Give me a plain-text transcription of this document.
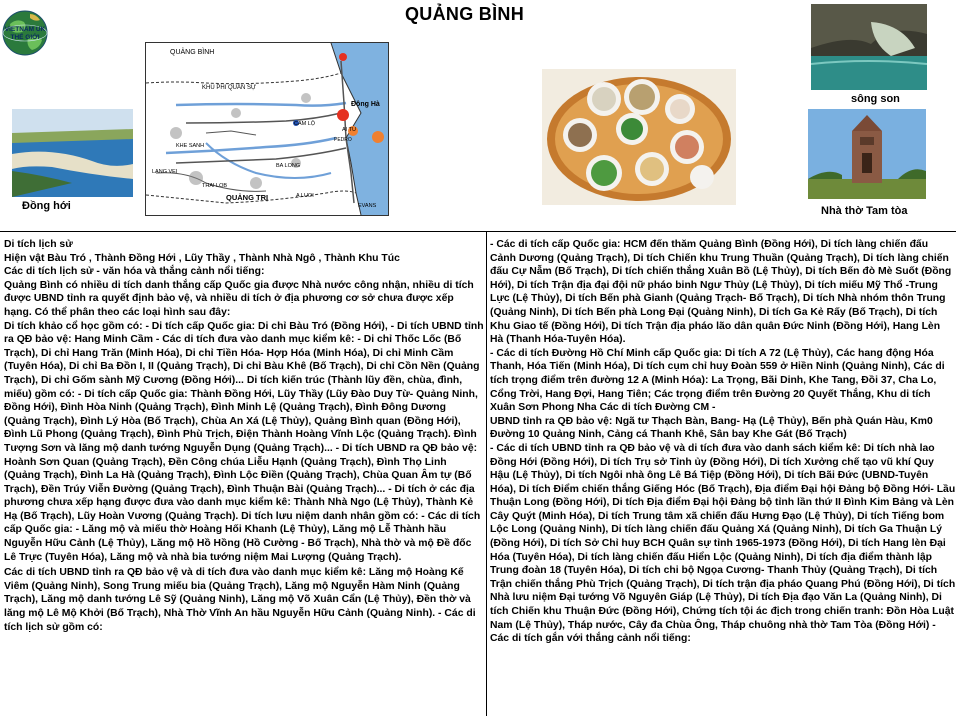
VIETNAM UK
THẾ GIỚI
QUẢNG BÌNH
QUẢNG BÌNH
KHU PHI QUÂN SỰ
Đông Hà
CAM LỘ
AI TU
PEDRO
KHE SANH
LANG VEI
THAI LOB
BA LONG
QUẢNG TRỊ	A LUOI
EVANS
Đồng hới
sông son
Nhà thờ Tam tòa

Di tích lịch sử

Hiện vật Bàu Tró , Thành Đồng Hới , Lũy Thầy , Thành Nhà Ngô , Thành Khu Túc

Các di tích lịch sử - văn hóa và thắng cảnh nổi tiếng:

Quảng Bình có nhiều di tích danh thắng cấp Quốc gia được Nhà nước công nhận, nhiều di tích được UBND tỉnh ra quyết định bảo vệ, và nhiều di tích ở địa phương cơ sở chưa được xếp hạng. Có thể phân theo các loại hình sau đây:

Di tích khảo cổ học gồm có: - Di tích cấp Quốc gia: Di chỉ Bàu Tró (Đồng Hới), - Di tích UBND tỉnh ra QĐ bảo vệ: Hang Minh Cầm - Các di tích đưa vào danh mục kiểm kê: - Di chỉ Thốc Lốc (Bố Trạch), Di chỉ Hang Trăn (Minh Hóa), Di chỉ Tiền Hóa- Hợp Hóa (Minh Hóa), Di chỉ Minh Cầm (Tuyên Hóa), Di chỉ Ba Đồn I, II (Quảng Trạch), Di chỉ Bàu Khê (Bố Trạch), Di chỉ Cồn Nền (Quảng Trạch), Di chỉ Gốm sành Mỹ Cương (Đồng Hới)... Di tích kiến trúc (Thành lũy đền, chùa, đình, miếu) gồm có: - Di tích cấp Quốc gia: Thành Đồng Hới, Lũy Thầy (Lũy Đào Duy Từ- Quảng Ninh, Đồng Hới), Đình Hòa Ninh (Quảng Trạch), Đình Minh Lệ (Quảng Trạch), Đình Đông Dương (Quảng Trạch), Đình Lý Hòa (Bố Trạch), Chùa An Xá (Lệ Thủy), Quảng Bình quan (Đồng Hới), Đình Lũ Phong (Quảng Trạch), Đình Phù Trịch, Điện Thành Hoàng Vĩnh Lộc (Quảng Trạch). Đình Tượng Sơn và lăng mộ danh tướng Nguyễn Dụng (Quảng Trạch)... - Di tích UBND ra QĐ bảo vệ: Hoành Sơn Quan (Quảng Trạch), Đền Công chúa Liễu Hạnh (Quảng Trạch), Đình Thọ Linh (Quảng Trạch), Đình La Hà (Quảng Trạch), Đình Lộc Điền (Quảng Trạch), Chùa Quan Âm tự (Bố Trạch), Đền Trúy Viễn Đường (Quảng Trạch), Đình Thuận Bài (Quảng Trạch)... - Di tích ở các địa phương chưa xếp hạng được đưa vào danh mục kiểm kê: Thành Nhà Ngo (Lệ Thủy), Thành Kẻ Hạ (Bố Trạch), Lũy Hoàn Vương (Quảng Trạch). Di tích lưu niệm danh nhân gồm có: - Các di tích cấp Quốc gia: - Lăng mộ và miếu thờ Hoàng Hối Khanh (Lệ Thủy), Lăng mộ Lễ Thành hầu Nguyễn Hữu Cảnh (Lệ Thủy), Lăng mộ Hồ Hồng (Hồ Cường - Bố Trạch), Nhà thờ và mộ Đề đốc Lê Trực (Tuyên Hóa), Lăng mộ và nhà bia tướng niệm Mai Lượng (Quảng Trạch).

Các di tích UBND tỉnh ra QĐ bảo vệ và di tích đưa vào danh mục kiểm kê: Lăng mộ Hoàng Kế Viêm (Quảng Ninh), Song Trung miếu bia (Quảng Trạch), Lăng mộ Nguyễn Hàm Ninh (Quảng Trạch), Lăng mộ danh tướng Lê Sỹ (Quảng Ninh), Lăng mộ Võ Xuân Cẩn (Lệ Thủy), Đền thờ và lăng mộ Lê Mộ Khởi (Bố Trạch), Nhà Thờ Vĩnh An hầu Nguyễn Hữu Cảnh (Quảng Ninh). - Các di tích lịch sử gồm có:

- Các di tích cấp Quốc gia: HCM đến thăm Quảng Bình (Đồng Hới), Di tích làng chiến đấu Cảnh Dương (Quảng Trạch), Di tích Chiến khu Trung Thuần (Quảng Trạch), Di tích làng chiến đấu Cự Nẫm (Bố Trạch), Di tích chiến thắng Xuân Bồ (Lệ Thủy), Di tích Bến đò Mè Suốt (Đồng Hới), Di tích Trận địa đại đội nữ pháo binh Ngư Thủy (Lệ Thủy), Di tích miếu Mỹ Thổ -Trung Lực (Lệ Thủy), Di tích Bến phà Gianh (Quảng Trạch- Bố Trạch), Di tích Nhà nhóm thôn Trung (Quảng Ninh), Di tích Bến phà Long Đại (Quảng Ninh), Di tích Ga Kẻ Rấy (Bố Trạch), Di tích Khu Giao tế (Đồng Hới), Di tích Trận địa pháo lão dân quân Đức Ninh (Đồng Hới), Hang Lèn Hà (Thanh Hóa-Tuyên Hóa).

- Các di tích Đường Hồ Chí Minh cấp Quốc gia: Di tích A 72 (Lệ Thủy), Các hang động Hóa Thanh, Hóa Tiến (Minh Hóa), Di tích cụm chỉ huy Đoàn 559 ở Hiền Ninh (Quảng Ninh), Các di tích trọng điểm trên đường 12 A (Minh Hóa): La Trọng, Bãi Dinh, Khe Tang, Đồi 37, Cha Lo, Cổng Trời, Hang Đợi, Hang Tiên; Các trọng điểm trên Đường 20 Quyết Thắng, Khu di tích Xuân Sơn Phong Nha Các di tích Đường CM -

UBND tỉnh ra QĐ bảo vệ: Ngã tư Thạch Bàn, Bang- Hạ (Lệ Thủy), Bến phà Quán Hàu, Km0 Đường 10 Quảng Ninh, Cảng cá Thanh Khê, Sân bay Khe Gát (Bố Trạch)

- Các di tích UBND tỉnh ra QĐ bảo vệ và di tích đưa vào danh sách kiểm kê: Di tích nhà lao Đồng Hới (Đồng Hới), Di tích Trụ sở Tỉnh ủy (Đồng Hới), Di tích Xưởng chế tạo vũ khí Quy Hậu (Lệ Thủy), Di tích Ngôi nhà ông Lê Bá Tiệp (Đồng Hới), Di tích Bãi Đức (UBND-Tuyên Hóa), Di tích Điểm chiến thắng Giếng Hóc (Bố Trạch), Địa điểm Đại hội Đảng bộ Đồng Hới- Lầu Thuận Long (Đồng Hới), Di tích Địa điểm Đại hội Đảng bộ tỉnh lần thứ II Đình Kim Bảng và Lèn Cây Quýt (Minh Hóa), Di tích Trung tâm xã chiến đấu Hưng Đạo (Lệ Thủy), Di tích Tiếng bom Lộc Long (Quảng Ninh), Di tích làng chiến đấu Quảng Xá (Quảng Ninh), Di tích Ga Thuận Lý (Đồng Hới), Di tích Sở Chỉ huy BCH Quân sự tỉnh 1965-1973 (Đồng Hới), Di tích Hang lèn Đại Hóa (Tuyên Hóa), Di tích làng chiến đấu Hiển Lộc (Quảng Ninh), Di tích địa điểm thành lập Trung đoàn 18 (Tuyên Hóa), Di tích chi bộ Ngọa Cương- Thanh Thủy (Quảng Trạch), Di tích Trận chiến thắng Phù Trịch (Quảng Trạch), Di tích trận địa pháo Quang Phú (Đồng Hới), Di tích Nhà lưu niệm Đại tướng Võ Nguyên Giáp (Lệ Thủy), Di tích Địa đạo Văn La (Quảng Ninh), Di tích Chiến khu Thuận Đức (Đồng Hới), Chứng tích tội ác địch trong chiến tranh: Đồn Hòa Luật Nam (Lệ Thủy), Tháp nước, Cây đa Chùa Ông, Tháp chuông nhà thờ Tam Tòa (Đồng Hới) - Các di tích gắn với thắng cảnh nổi tiếng:
